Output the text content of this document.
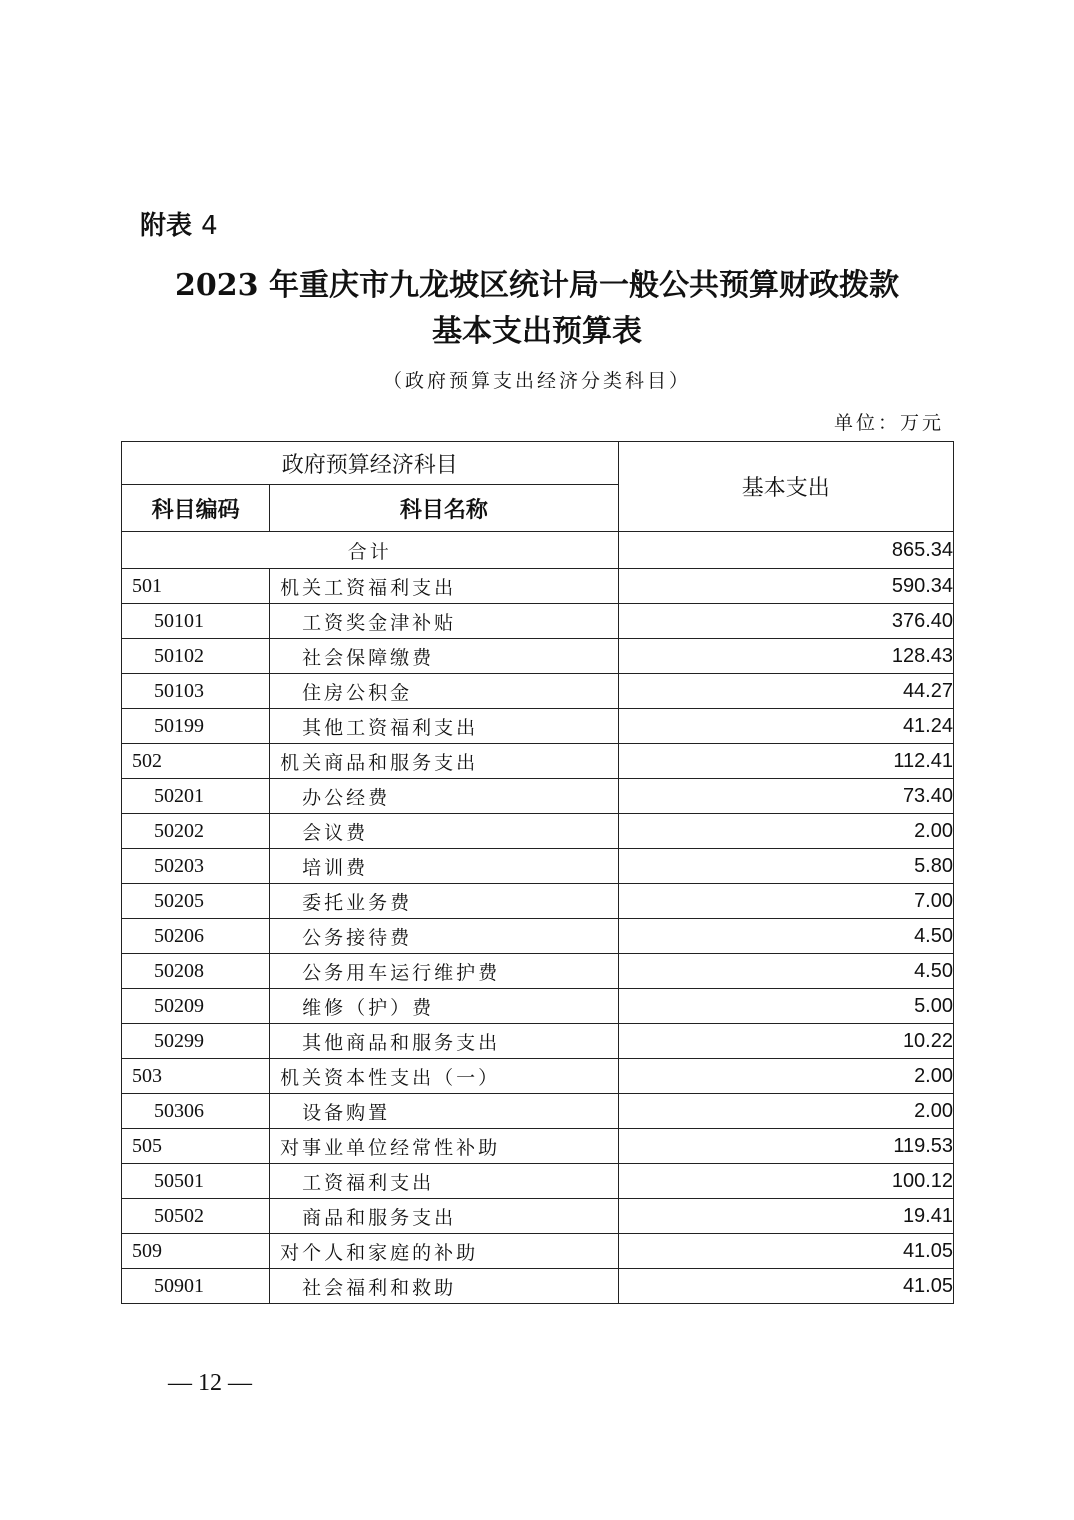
附表 4
2023 年重庆市九龙坡区统计局一般公共预算财政拨款
基本支出预算表
（政府预算支出经济分类科目）
单位：万元
政府预算经济科目		基本支出
科目编码	科目名称	
合计		865.34
501	机关工资福利支出	590.34
50101	工资奖金津补贴	376.40
50102	社会保障缴费	128.43
50103	住房公积金	44.27
50199	其他工资福利支出	41.24
502	机关商品和服务支出	112.41
50201	办公经费	73.40
50202	会议费	2.00
50203	培训费	5.80
50205	委托业务费	7.00
50206	公务接待费	4.50
50208	公务用车运行维护费	4.50
50209	维修（护）费	5.00
50299	其他商品和服务支出	10.22
503	机关资本性支出（一）	2.00
50306	设备购置	2.00
505	对事业单位经常性补助	119.53
50501	工资福利支出	100.12
50502	商品和服务支出	19.41
509	对个人和家庭的补助	41.05
50901	社会福利和救助	41.05
— 12 —
